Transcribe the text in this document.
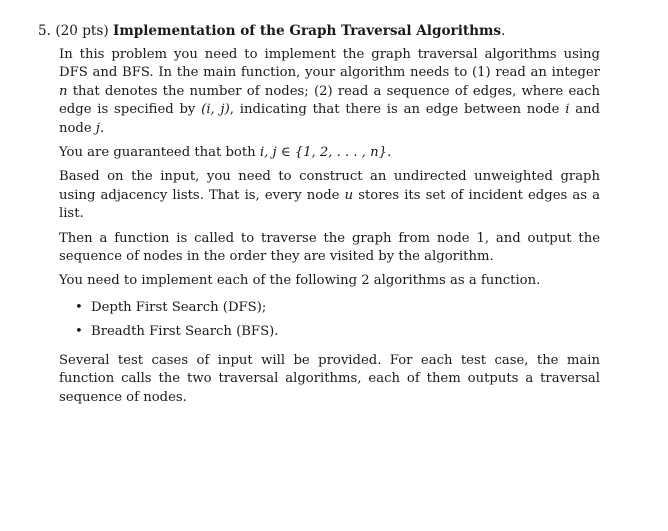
5. (20 pts) Implementation of the Graph Traversal Algorithms.

In this problem you need to implement the graph traversal algorithms using DFS and BFS. In the main function, your algorithm needs to (1) read an integer n that denotes the number of nodes; (2) read a sequence of edges, where each edge is specified by (i, j), indicating that there is an edge between node i and node j.

You are guaranteed that both i, j ∈ {1, 2, . . . , n}.

Based on the input, you need to construct an undirected unweighted graph using adjacency lists. That is, every node u stores its set of incident edges as a list.

Then a function is called to traverse the graph from node 1, and output the sequence of nodes in the order they are visited by the algorithm.

You need to implement each of the following 2 algorithms as a function.

• Depth First Search (DFS);
• Breadth First Search (BFS).

Several test cases of input will be provided. For each test case, the main function calls the two traversal algorithms, each of them outputs a traversal sequence of nodes.
